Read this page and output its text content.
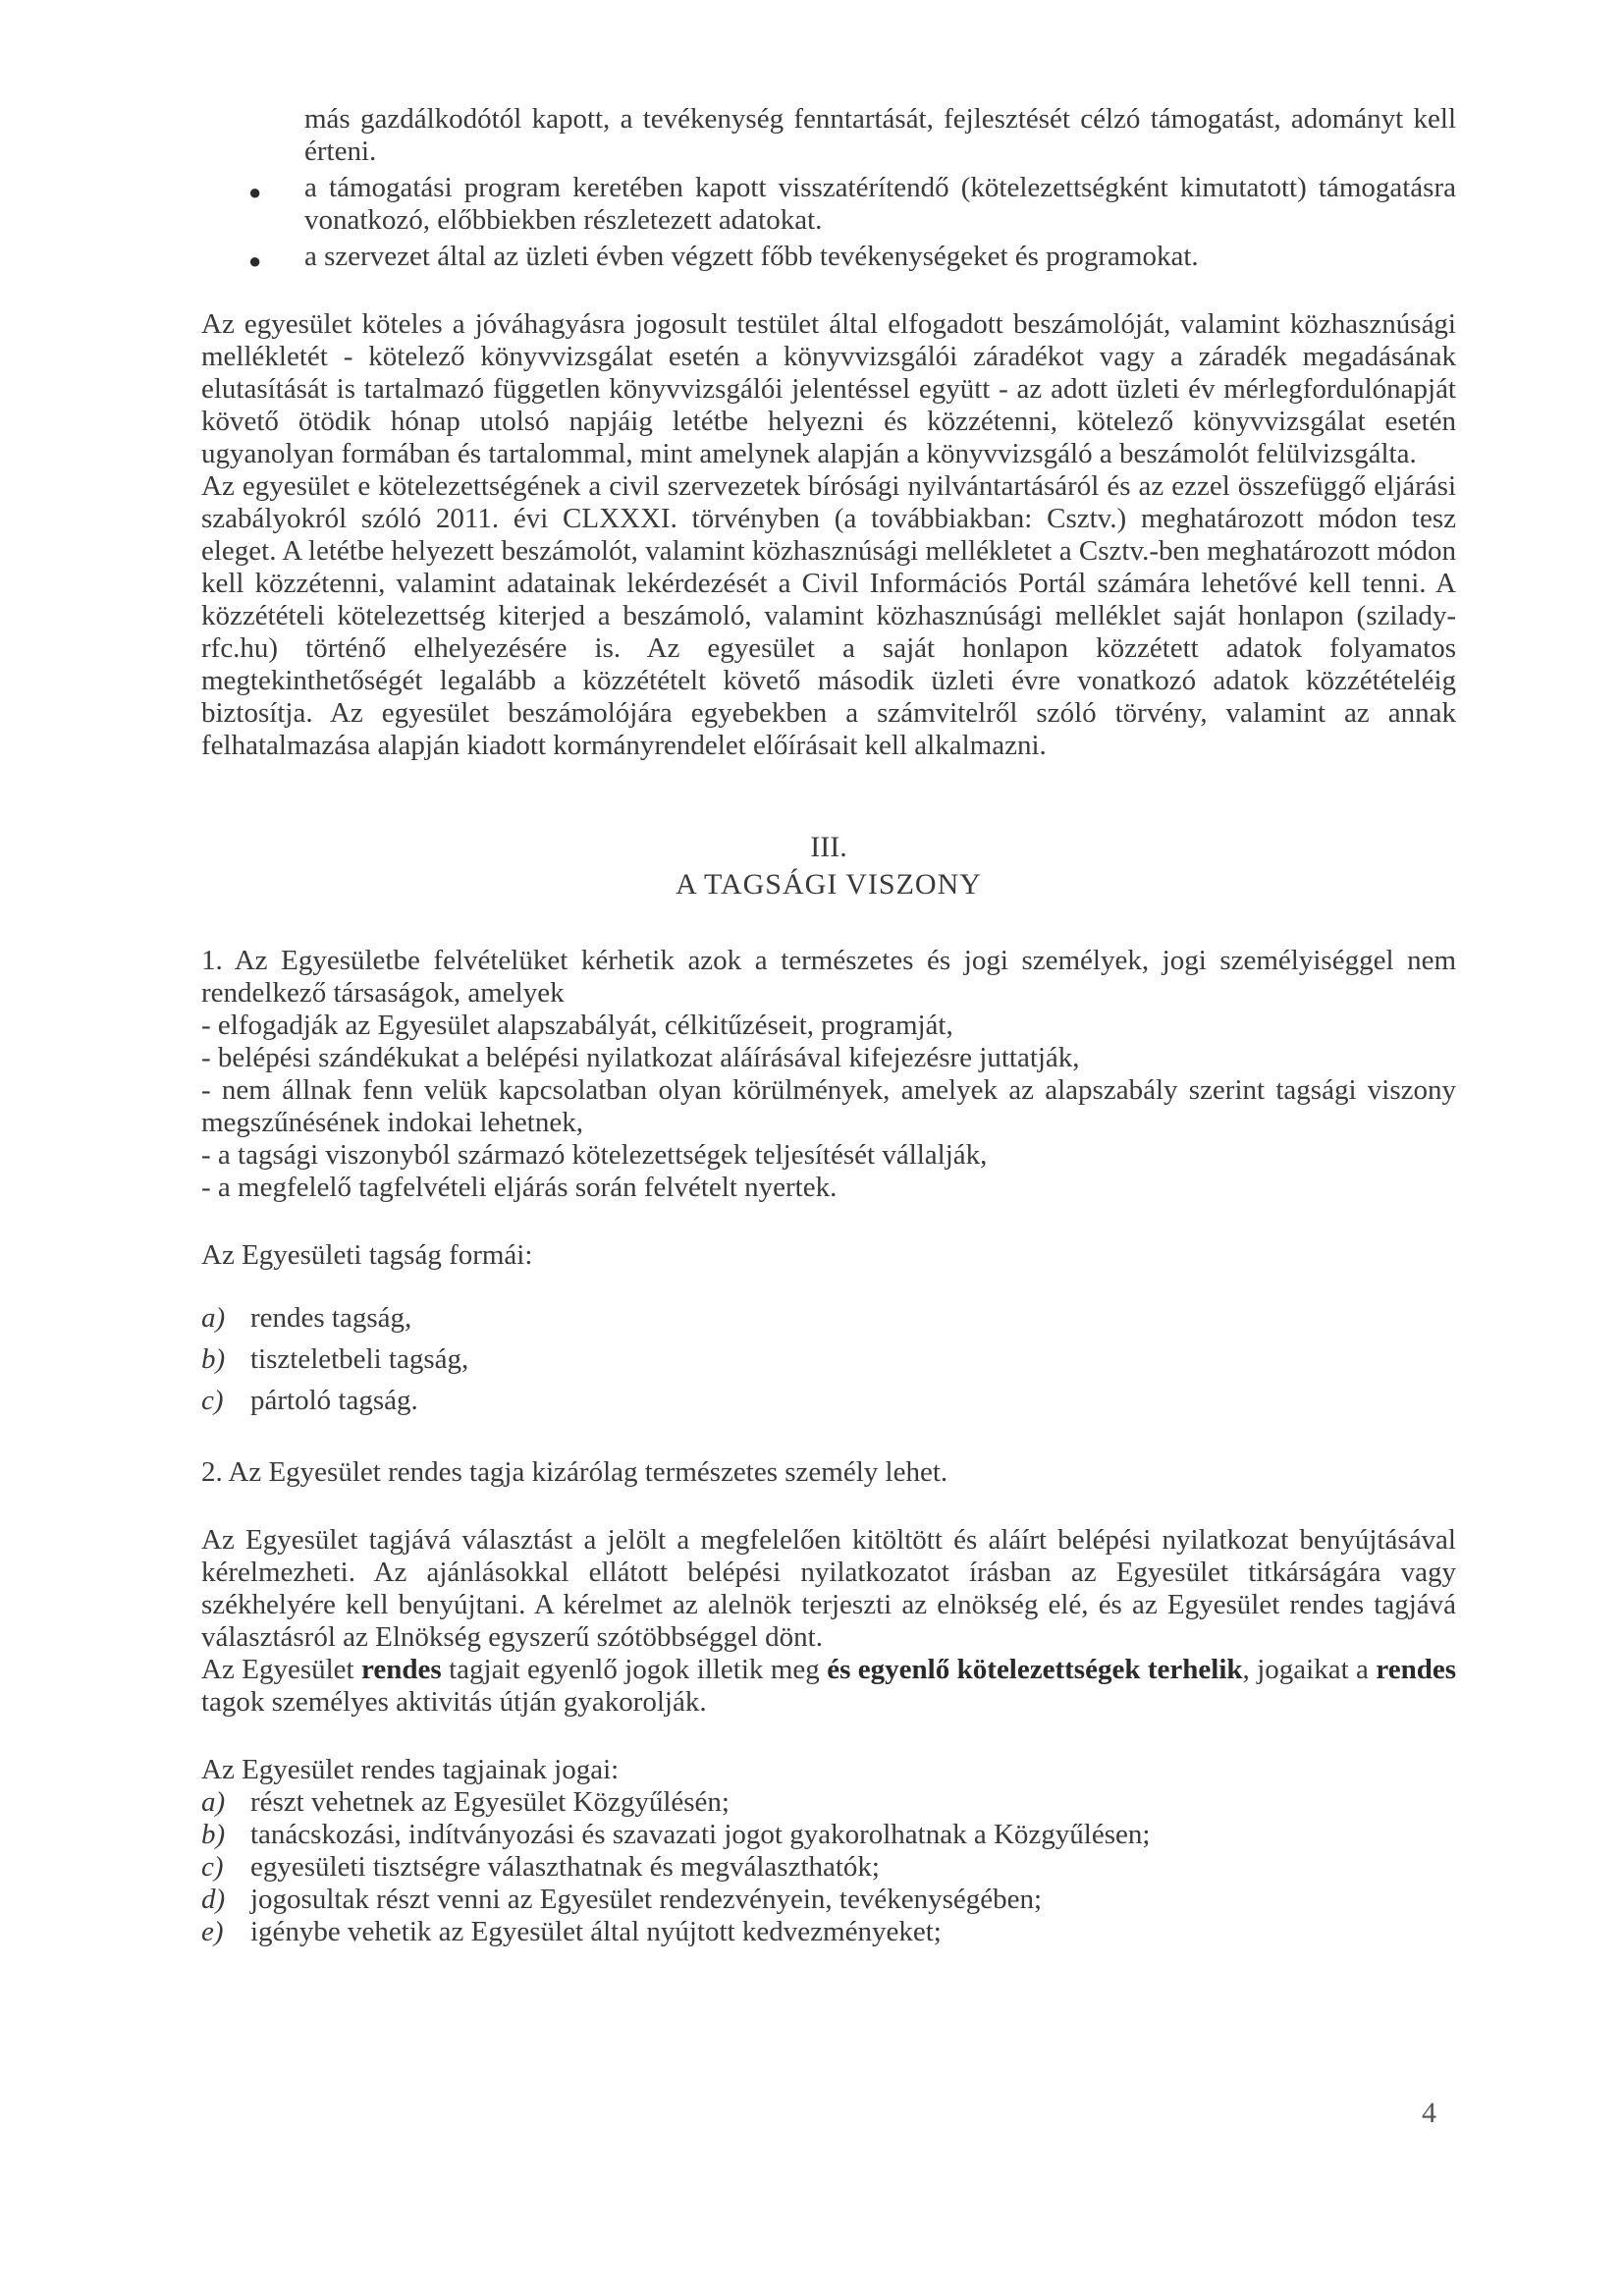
más gazdálkodótól kapott, a tevékenység fenntartását, fejlesztését célzó támogatást, adományt kell érteni.

● a támogatási program keretében kapott visszatérítendő (kötelezettségként kimutatott) támogatásra vonatkozó, előbbiekben részletezett adatokat.
● a szervezet által az üzleti évben végzett főbb tevékenységeket és programokat.

Az egyesület köteles a jóváhagyásra jogosult testület által elfogadott beszámolóját, valamint közhasznúsági mellékletét - kötelező könyvvizsgálat esetén a könyvvizsgálói záradékot vagy a záradék megadásának elutasítását is tartalmazó független könyvvizsgálói jelentéssel együtt - az adott üzleti év mérlegfordulónapját követő ötödik hónap utolsó napjáig letétbe helyezni és közzétenni, kötelező könyvvizsgálat esetén ugyanolyan formában és tartalommal, mint amelynek alapján a könyvvizsgáló a beszámolót felülvizsgálta.

Az egyesület e kötelezettségének a civil szervezetek bírósági nyilvántartásáról és az ezzel összefüggő eljárási szabályokról szóló 2011. évi CLXXXI. törvényben (a továbbiakban: Csztv.) meghatározott módon tesz eleget. A letétbe helyezett beszámolót, valamint közhasznúsági mellékletet a Csztv.-ben meghatározott módon kell közzétenni, valamint adatainak lekérdezését a Civil Információs Portál számára lehetővé kell tenni. A közzétételi kötelezettség kiterjed a beszámoló, valamint közhasznúsági melléklet saját honlapon (szilady-rfc.hu) történő elhelyezésére is. Az egyesület a saját honlapon közzétett adatok folyamatos megtekinthetőségét legalább a közzétételt követő második üzleti évre vonatkozó adatok közzétételéig biztosítja. Az egyesület beszámolójára egyebekben a számvitelről szóló törvény, valamint az annak felhatalmazása alapján kiadott kormányrendelet előírásait kell alkalmazni.

III.
A TAGSÁGI VISZONY

1. Az Egyesületbe felvételüket kérhetik azok a természetes és jogi személyek, jogi személyiséggel nem rendelkező társaságok, amelyek

- elfogadják az Egyesület alapszabályát, célkitűzéseit, programját,
- belépési szándékukat a belépési nyilatkozat aláírásával kifejezésre juttatják,
- nem állnak fenn velük kapcsolatban olyan körülmények, amelyek az alapszabály szerint tagsági viszony megszűnésének indokai lehetnek,
- a tagsági viszonyból származó kötelezettségek teljesítését vállalják,
- a megfelelő tagfelvételi eljárás során felvételt nyertek.

Az Egyesületi tagság formái:

a) rendes tagság,
b) tiszteletbeli tagság,
c) pártoló tagság.

2. Az Egyesület rendes tagja kizárólag természetes személy lehet.

Az Egyesület tagjává választást a jelölt a megfelelően kitöltött és aláírt belépési nyilatkozat benyújtásával kérelmezheti. Az ajánlásokkal ellátott belépési nyilatkozatot írásban az Egyesület titkárságára vagy székhelyére kell benyújtani. A kérelmet az alelnök terjeszti az elnökség elé, és az Egyesület rendes tagjává választásról az Elnökség egyszerű szótöbbséggel dönt.

Az Egyesület rendes tagjait egyenlő jogok illetik meg és egyenlő kötelezettségek terhelik, jogaikat a rendes tagok személyes aktivitás útján gyakorolják.

Az Egyesület rendes tagjainak jogai:

a) részt vehetnek az Egyesület Közgyűlésén;
b) tanácskozási, indítványozási és szavazati jogot gyakorolhatnak a Közgyűlésen;
c) egyesületi tisztségre választhatnak és megválaszthatók;
d) jogosultak részt venni az Egyesület rendezvényein, tevékenységében;
e) igénybe vehetik az Egyesület által nyújtott kedvezményeket;
4
